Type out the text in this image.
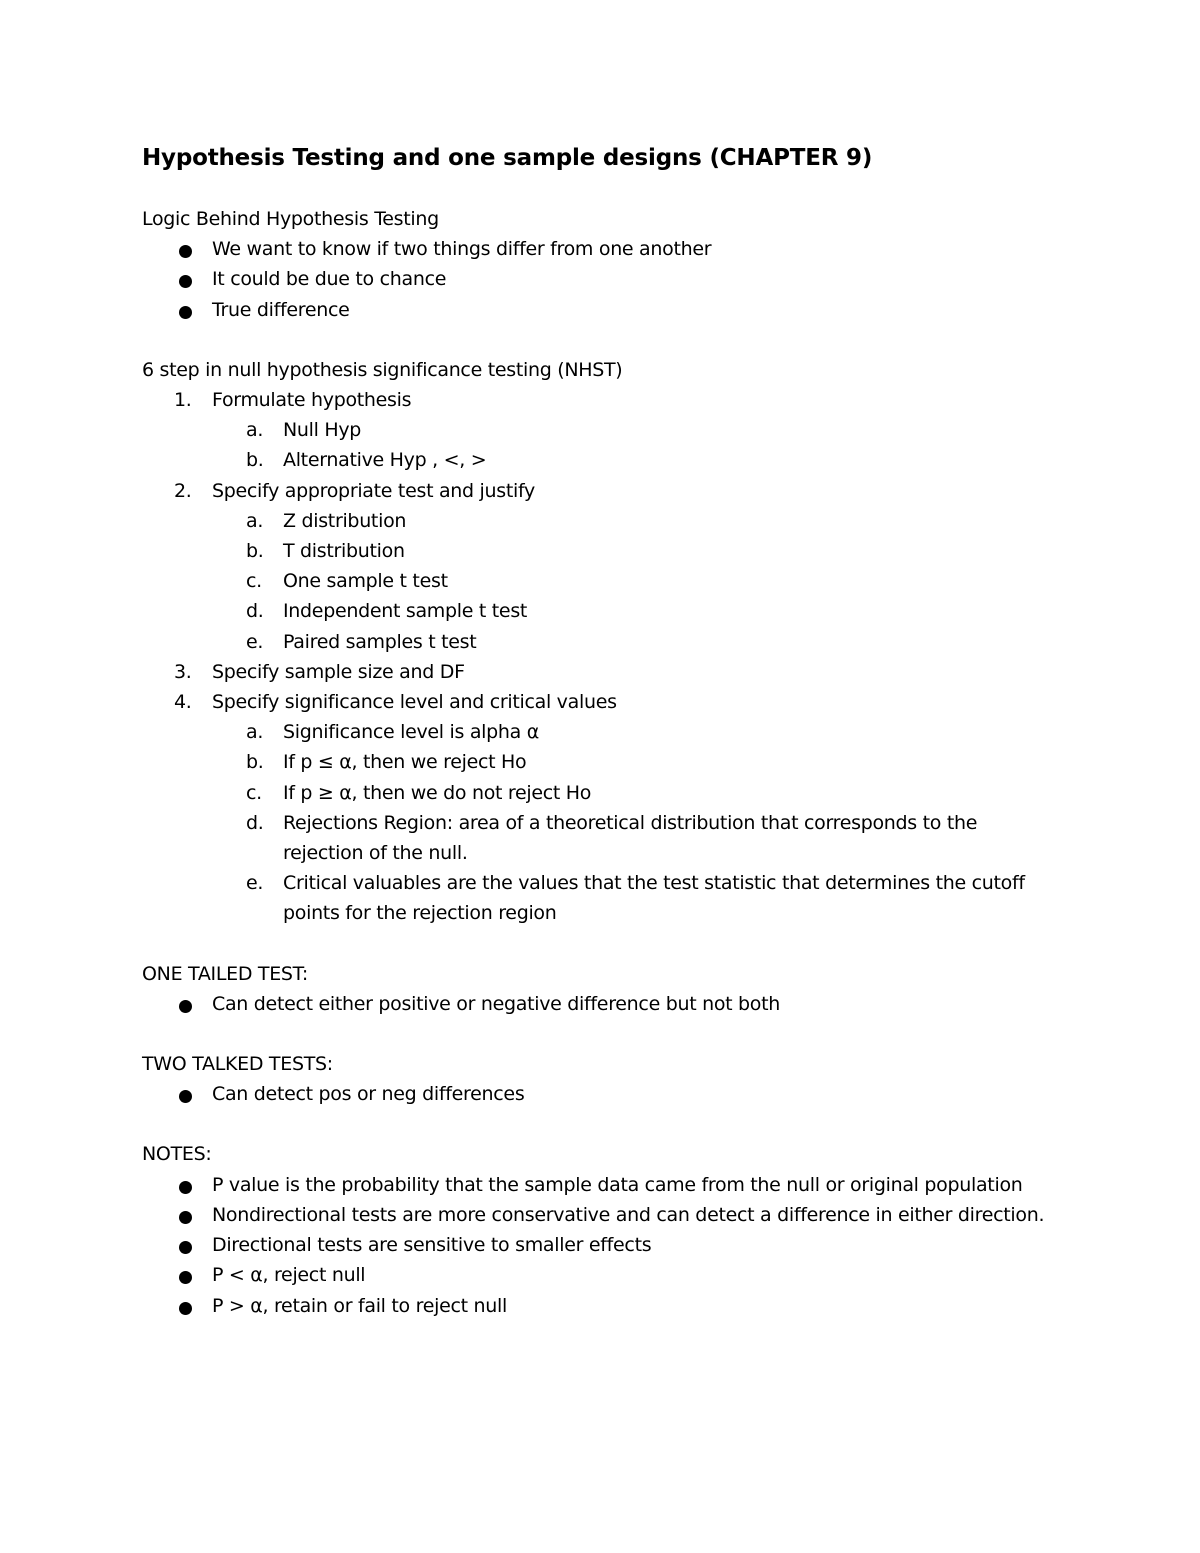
Hypothesis Testing and one sample designs (CHAPTER 9)
Logic Behind Hypothesis Testing
We want to know if two things differ from one another
It could be due to chance
True difference
6 step in null hypothesis significance testing (NHST)
1. Formulate hypothesis
a. Null Hyp
b. Alternative Hyp , <, >
2. Specify appropriate test and justify
a. Z distribution
b. T distribution
c. One sample t test
d. Independent sample t test
e. Paired samples t test
3. Specify sample size and DF
4. Specify significance level and critical values
a. Significance level is alpha α
b. If p ≤ α, then we reject Ho
c. If p ≥ α, then we do not reject Ho
d. Rejections Region: area of a theoretical distribution that corresponds to the rejection of the null.
e. Critical valuables are the values that the test statistic that determines the cutoff points for the rejection region
ONE TAILED TEST:
Can detect either positive or negative difference but not both
TWO TALKED TESTS:
Can detect pos or neg differences
NOTES:
P value is the probability that the sample data came from the null or original population
Nondirectional tests are more conservative and can detect a difference in either direction.
Directional tests are sensitive to smaller effects
P < α, reject null
P > α, retain or fail to reject null
